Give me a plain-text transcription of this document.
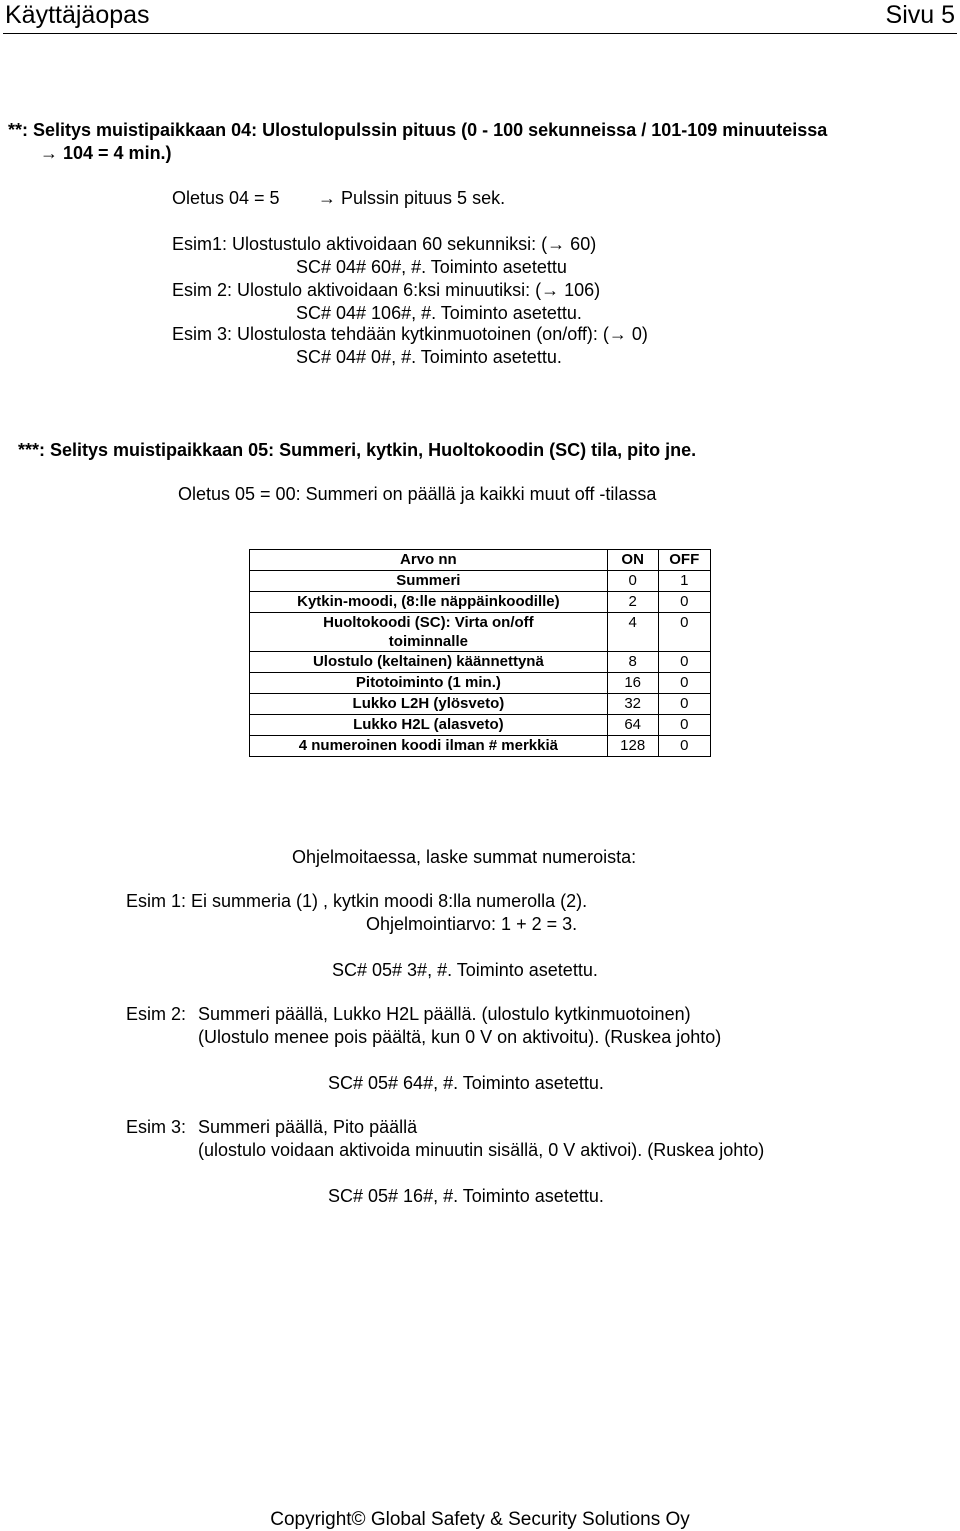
Käyttäjäopas	Sivu 5
**: Selitys muistipaikkaan 04: Ulostulopulssin pituus (0 - 100 sekunneissa / 101-109 minuuteissa
→ 104 = 4 min.)
Oletus 04 = 5 → Pulssin pituus 5 sek.
Esim1: Ulostustulo aktivoidaan 60 sekunniksi: (→ 60)
SC# 04# 60#, #. Toiminto asetettu
Esim 2: Ulostulo aktivoidaan 6:ksi minuutiksi: (→ 106)
SC# 04# 106#, #. Toiminto asetettu.
Esim 3: Ulostulosta tehdään kytkinmuotoinen (on/off): (→ 0)
SC# 04# 0#, #. Toiminto asetettu.
***: Selitys muistipaikkaan 05: Summeri, kytkin, Huoltokoodin (SC) tila, pito jne.
Oletus 05 = 00: Summeri on päällä ja kaikki muut off -tilassa
Arvo nn	ON	OFF
Summeri	0	1
Kytkin-moodi, (8:lle näppäinkoodille)	2	0
Huoltokoodi (SC): Virta on/off toiminnalle	4	0
Ulostulo (keltainen) käännettynä	8	0
Pitotoiminto (1 min.)	16	0
Lukko L2H (ylösveto)	32	0
Lukko H2L (alasveto)	64	0
4 numeroinen koodi ilman # merkkiä	128	0
Ohjelmoitaessa, laske summat numeroista:
Esim 1: Ei summeria (1) , kytkin moodi 8:lla numerolla (2).
Ohjelmointiarvo: 1 + 2 = 3.
SC# 05# 3#, #. Toiminto asetettu.
Esim 2: Summeri päällä, Lukko H2L päällä. (ulostulo kytkinmuotoinen)
(Ulostulo menee pois päältä, kun 0 V on aktivoitu). (Ruskea johto)
SC# 05# 64#, #. Toiminto asetettu.
Esim 3: Summeri päällä, Pito päällä
(ulostulo voidaan aktivoida minuutin sisällä, 0 V aktivoi). (Ruskea johto)
SC# 05# 16#, #. Toiminto asetettu.
Copyright© Global Safety & Security Solutions Oy
